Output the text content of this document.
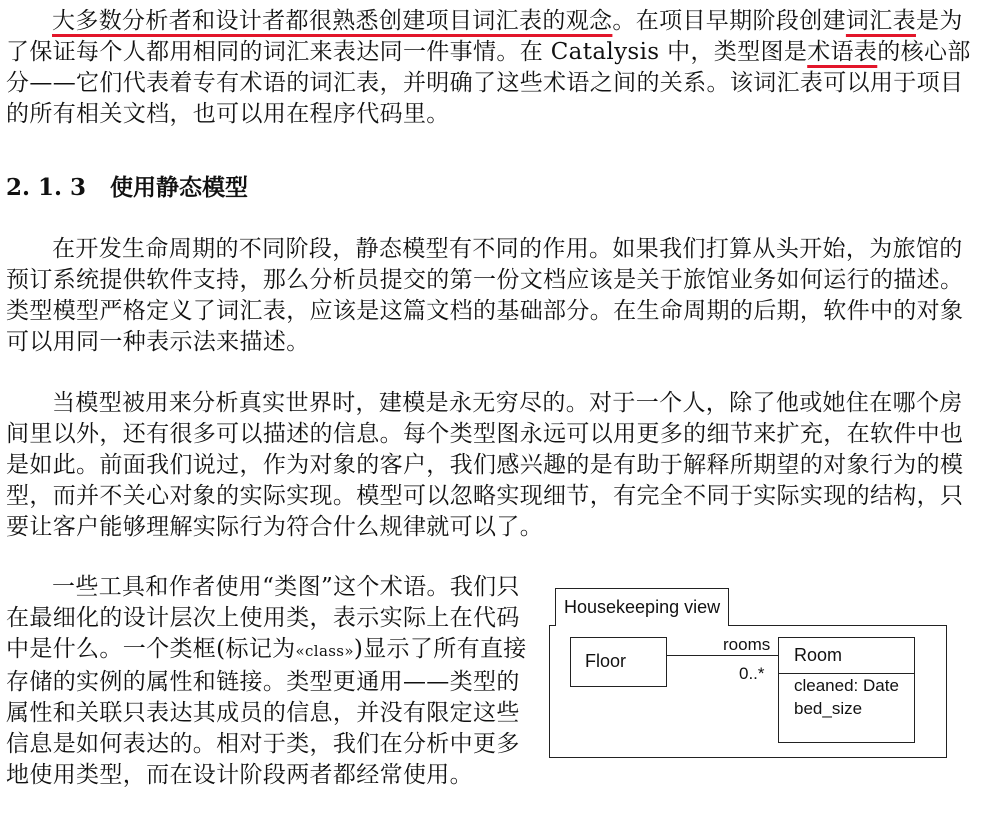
大多数分析者和设计者都很熟悉创建项目词汇表的观念。在项目早期阶段创建词汇表是为了保证每个人都用相同的词汇来表达同一件事情。在 Catalysis 中，类型图是术语表的核心部分——它们代表着专有术语的词汇表，并明确了这些术语之间的关系。该词汇表可以用于项目的所有相关文档，也可以用在程序代码里。

2. 1. 3 使用静态模型

在开发生命周期的不同阶段，静态模型有不同的作用。如果我们打算从头开始，为旅馆的预订系统提供软件支持，那么分析员提交的第一份文档应该是关于旅馆业务如何运行的描述。类型模型严格定义了词汇表，应该是这篇文档的基础部分。在生命周期的后期，软件中的对象可以用同一种表示法来描述。

当模型被用来分析真实世界时，建模是永无穷尽的。对于一个人，除了他或她住在哪个房间里以外，还有很多可以描述的信息。每个类型图永远可以用更多的细节来扩充，在软件中也是如此。前面我们说过，作为对象的客户，我们感兴趣的是有助于解释所期望的对象行为的模型，而并不关心对象的实际实现。模型可以忽略实现细节，有完全不同于实际实现的结构，只要让客户能够理解实际行为符合什么规律就可以了。

一些工具和作者使用“类图”这个术语。我们只在最细化的设计层次上使用类，表示实际上在代码中是什么。一个类框(标记为«class»)显示了所有直接存储的实例的属性和链接。类型更通用——类型的属性和关联只表达其成员的信息，并没有限定这些信息是如何表达的。相对于类，我们在分析中更多地使用类型，而在设计阶段两者都经常使用。

Housekeeping view
Floor
rooms
0..*
Room
cleaned: Date
bed_size
